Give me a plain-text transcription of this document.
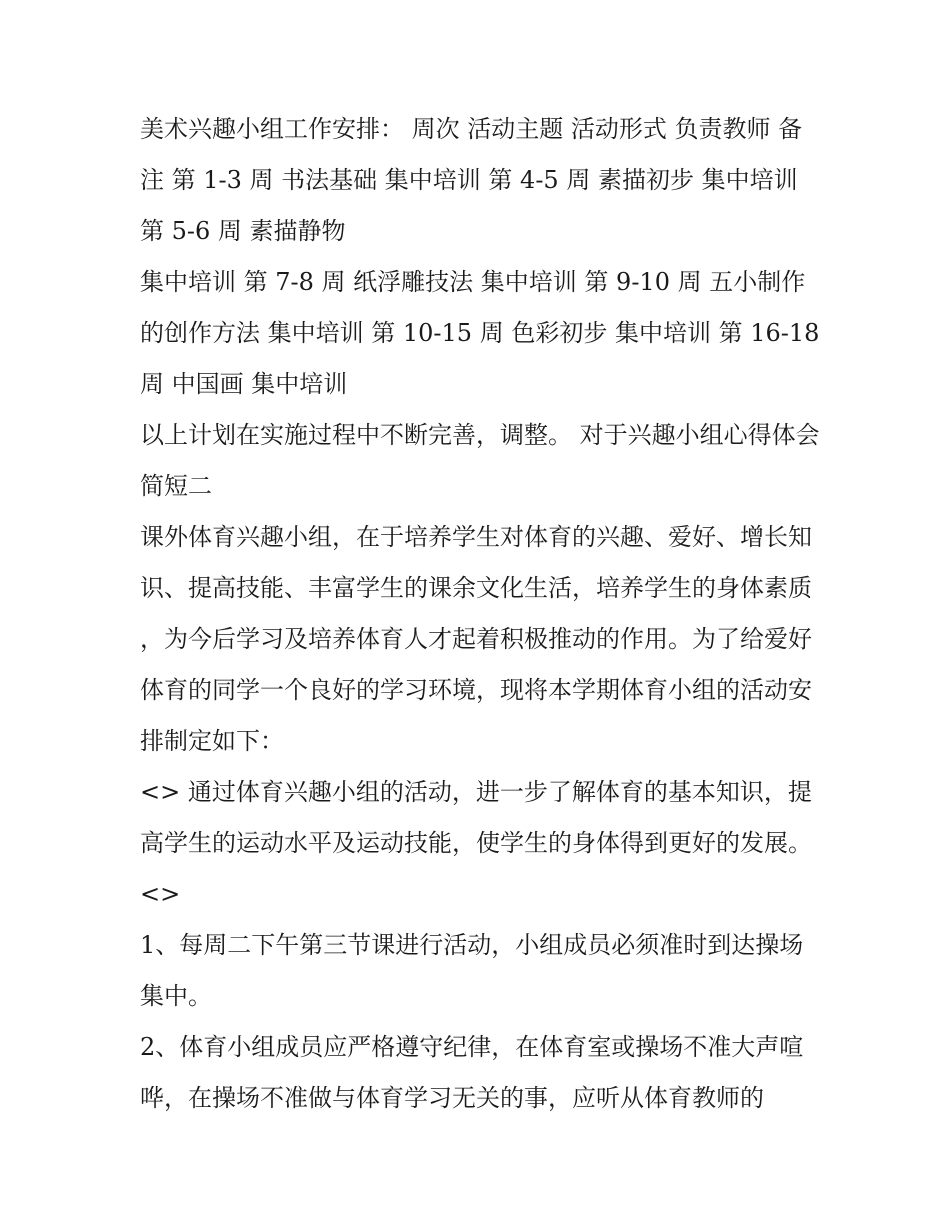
美术兴趣小组工作安排： 周次 活动主题 活动形式 负责教师 备注 第 1-3 周 书法基础 集中培训 第 4-5 周 素描初步 集中培训 第 5-6 周 素描静物

集中培训 第 7-8 周 纸浮雕技法 集中培训 第 9-10 周 五小制作的创作方法 集中培训 第 10-15 周 色彩初步 集中培训 第 16-18 周 中国画 集中培训

以上计划在实施过程中不断完善，调整。 对于兴趣小组心得体会简短二

课外体育兴趣小组，在于培养学生对体育的兴趣、爱好、增长知识、提高技能、丰富学生的课余文化生活，培养学生的身体素质，为今后学习及培养体育人才起着积极推动的作用。为了给爱好体育的同学一个良好的学习环境，现将本学期体育小组的活动安排制定如下：

<> 通过体育兴趣小组的活动，进一步了解体育的基本知识，提高学生的运动水平及运动技能，使学生的身体得到更好的发展。 <>

1、每周二下午第三节课进行活动，小组成员必须准时到达操场集中。

2、体育小组成员应严格遵守纪律，在体育室或操场不准大声喧哗，在操场不准做与体育学习无关的事，应听从体育教师的
